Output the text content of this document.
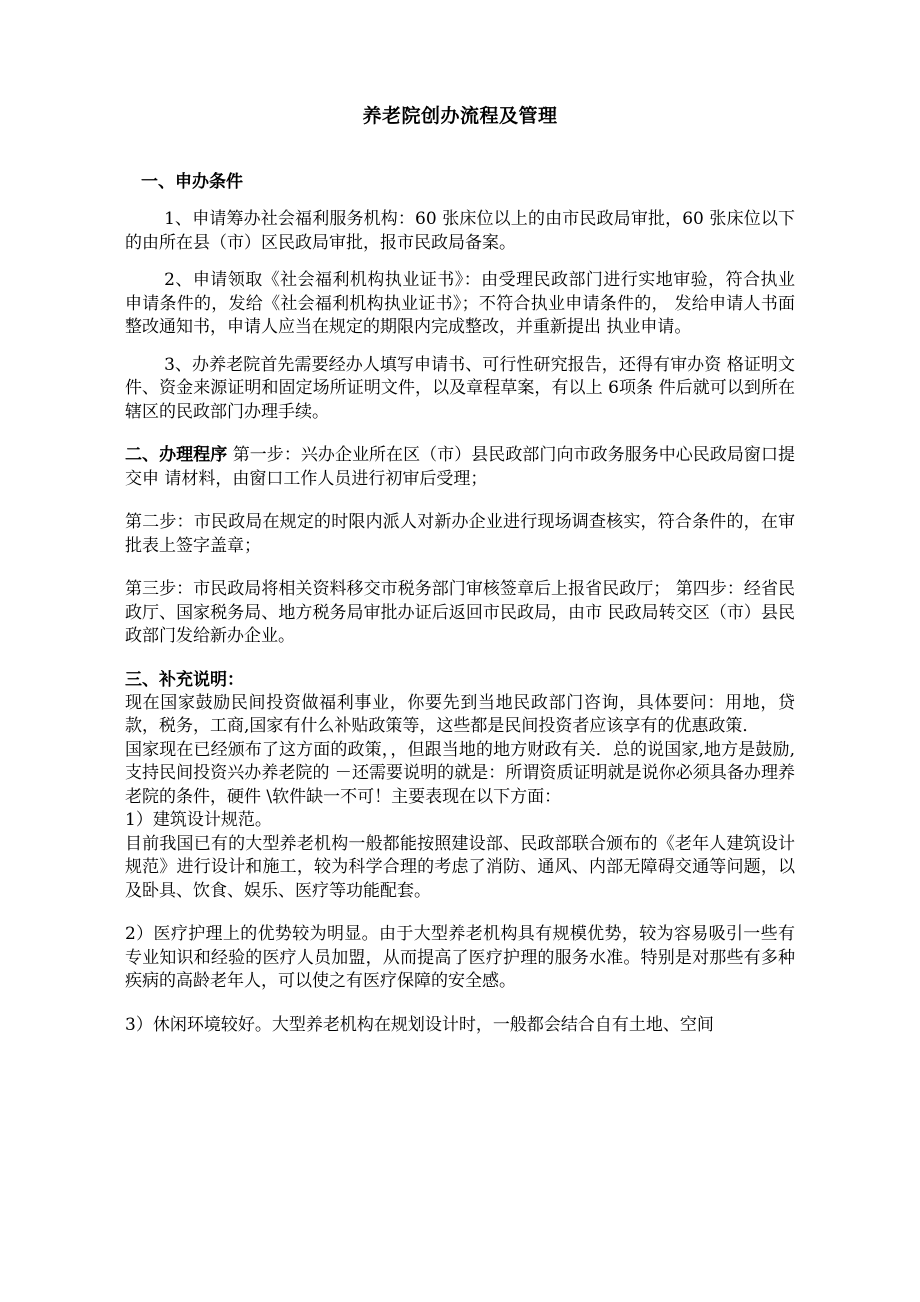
养老院创办流程及管理
一、申办条件

1、申请筹办社会福利服务机构：60 张床位以上的由市民政局审批，60 张床位以下的由所在县（市）区民政局审批，报市民政局备案。

2、申请领取《社会福利机构执业证书》：由受理民政部门进行实地审验，符合执业申请条件的，发给《社会福利机构执业证书》；不符合执业申请条件的， 发给申请人书面整改通知书，申请人应当在规定的期限内完成整改，并重新提出 执业申请。

3、办养老院首先需要经办人填写申请书、可行性研究报告，还得有审办资 格证明文件、资金来源证明和固定场所证明文件，以及章程草案，有以上 6项条 件后就可以到所在辖区的民政部门办理手续。

二、办理程序 第一步：兴办企业所在区（市）县民政部门向市政务服务中心民政局窗口提交申 请材料，由窗口工作人员进行初审后受理；

第二步：市民政局在规定的时限内派人对新办企业进行现场调查核实，符合条件的，在审批表上签字盖章；

第三步：市民政局将相关资料移交市税务部门审核签章后上报省民政厅； 第四步：经省民政厅、国家税务局、地方税务局审批办证后返回市民政局，由市 民政局转交区（市）县民政部门发给新办企业。

三、补充说明：

现在国家鼓励民间投资做福利事业，你要先到当地民政部门咨询，具体要问：用地，贷款，税务，工商,国家有什么补贴政策等，这些都是民间投资者应该享有的优惠政策．

国家现在已经颁布了这方面的政策，，但跟当地的地方财政有关．总的说国家,地方是鼓励,支持民间投资兴办养老院的 －还需要说明的就是：所谓资质证明就是说你必须具备办理养老院的条件，硬件 \软件缺一不可！主要表现在以下方面：

1）建筑设计规范。

目前我国已有的大型养老机构一般都能按照建设部、民政部联合颁布的《老年人建筑设计规范》进行设计和施工，较为科学合理的考虑了消防、通风、内部无障碍交通等问题，以及卧具、饮食、娱乐、医疗等功能配套。

2）医疗护理上的优势较为明显。由于大型养老机构具有规模优势，较为容易吸引一些有专业知识和经验的医疗人员加盟，从而提高了医疗护理的服务水准。特别是对那些有多种疾病的高龄老年人，可以使之有医疗保障的安全感。

3）休闲环境较好。大型养老机构在规划设计时，一般都会结合自有土地、空间
